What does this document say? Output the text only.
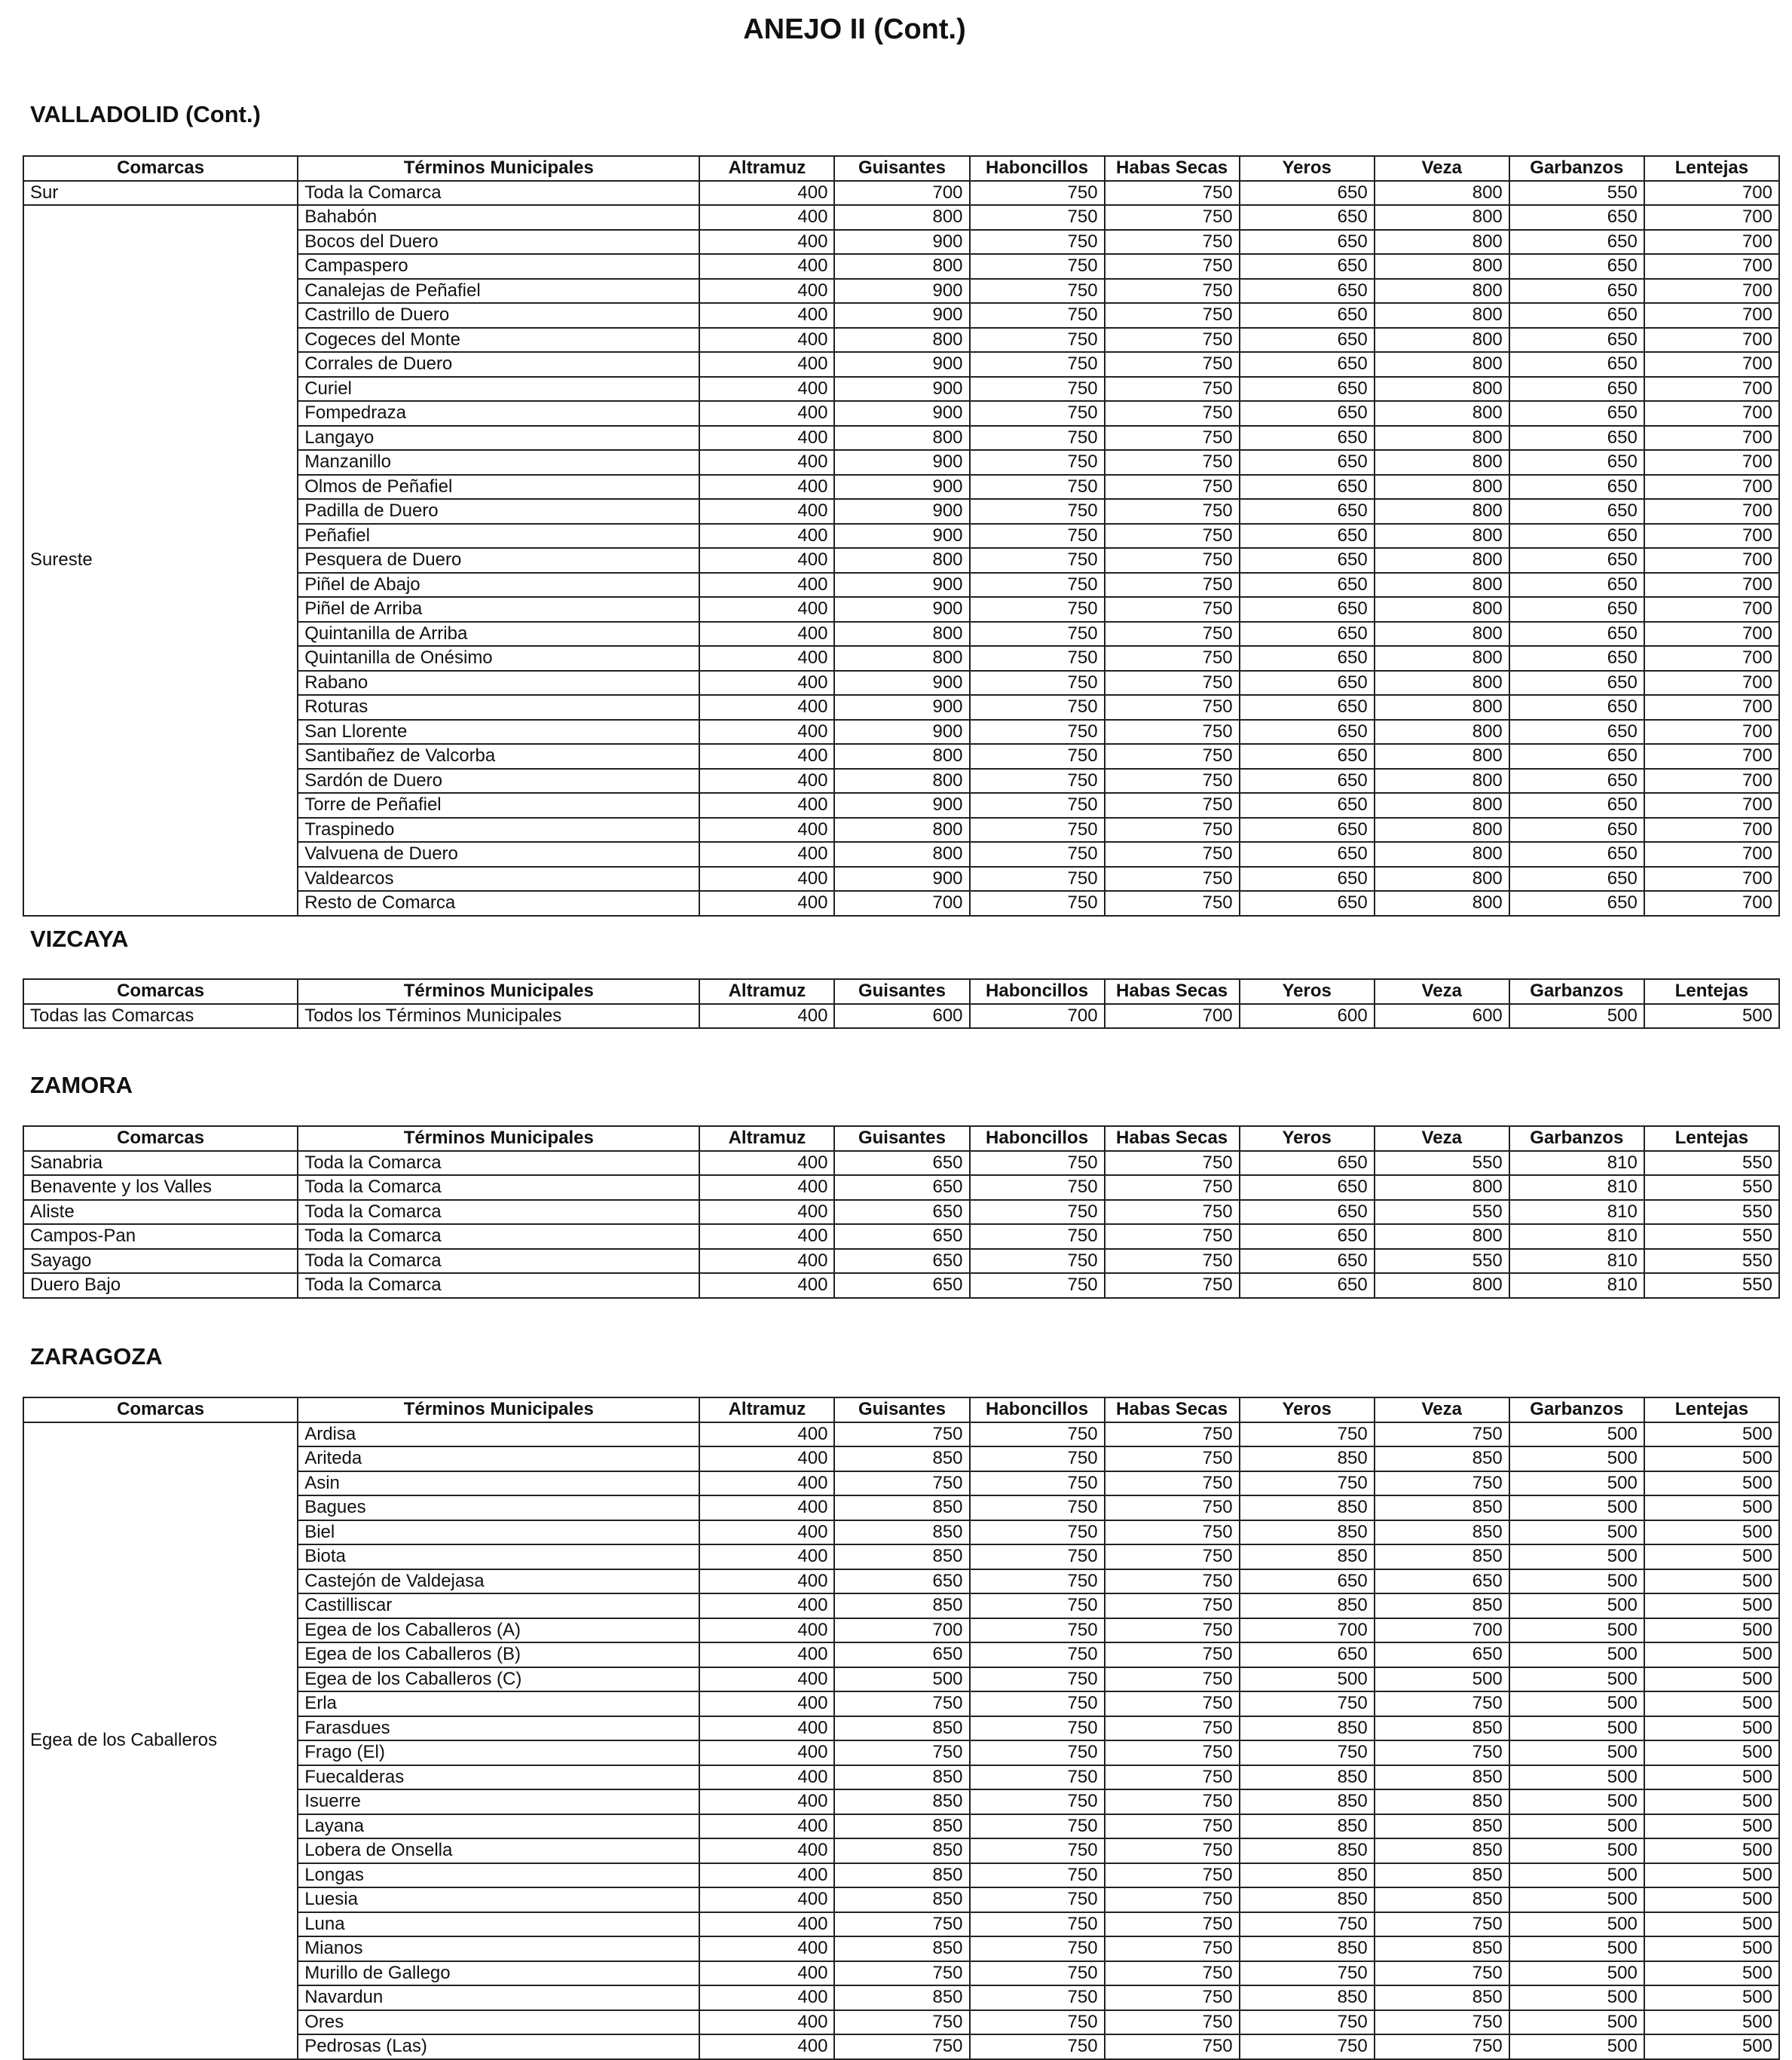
ANEJO II (Cont.)
VALLADOLID (Cont.)
Comarcas	Términos Municipales	Altramuz	Guisantes	Haboncillos	Habas Secas	Yeros	Veza	Garbanzos	Lentejas
Sur	Toda la Comarca	400	700	750	750	650	800	550	700
Sureste	Bahabón	400	800	750	750	650	800	650	700
	Bocos del Duero	400	900	750	750	650	800	650	700
	Campaspero	400	800	750	750	650	800	650	700
	Canalejas de Peñafiel	400	900	750	750	650	800	650	700
	Castrillo de Duero	400	900	750	750	650	800	650	700
	Cogeces del Monte	400	800	750	750	650	800	650	700
	Corrales de Duero	400	900	750	750	650	800	650	700
	Curiel	400	900	750	750	650	800	650	700
	Fompedraza	400	900	750	750	650	800	650	700
	Langayo	400	800	750	750	650	800	650	700
	Manzanillo	400	900	750	750	650	800	650	700
	Olmos de Peñafiel	400	900	750	750	650	800	650	700
	Padilla de Duero	400	900	750	750	650	800	650	700
	Peñafiel	400	900	750	750	650	800	650	700
	Pesquera de Duero	400	800	750	750	650	800	650	700
	Piñel de Abajo	400	900	750	750	650	800	650	700
	Piñel de Arriba	400	900	750	750	650	800	650	700
	Quintanilla de Arriba	400	800	750	750	650	800	650	700
	Quintanilla de Onésimo	400	800	750	750	650	800	650	700
	Rabano	400	900	750	750	650	800	650	700
	Roturas	400	900	750	750	650	800	650	700
	San Llorente	400	900	750	750	650	800	650	700
	Santibañez de Valcorba	400	800	750	750	650	800	650	700
	Sardón de Duero	400	800	750	750	650	800	650	700
	Torre de Peñafiel	400	900	750	750	650	800	650	700
	Traspinedo	400	800	750	750	650	800	650	700
	Valvuena de Duero	400	800	750	750	650	800	650	700
	Valdearcos	400	900	750	750	650	800	650	700
	Resto de Comarca	400	700	750	750	650	800	650	700
VIZCAYA
Comarcas	Términos Municipales	Altramuz	Guisantes	Haboncillos	Habas Secas	Yeros	Veza	Garbanzos	Lentejas
Todas las Comarcas	Todos los Términos Municipales	400	600	700	700	600	600	500	500
ZAMORA
Comarcas	Términos Municipales	Altramuz	Guisantes	Haboncillos	Habas Secas	Yeros	Veza	Garbanzos	Lentejas
Sanabria	Toda la Comarca	400	650	750	750	650	550	810	550
Benavente y los Valles	Toda la Comarca	400	650	750	750	650	800	810	550
Aliste	Toda la Comarca	400	650	750	750	650	550	810	550
Campos-Pan	Toda la Comarca	400	650	750	750	650	800	810	550
Sayago	Toda la Comarca	400	650	750	750	650	550	810	550
Duero Bajo	Toda la Comarca	400	650	750	750	650	800	810	550
ZARAGOZA
Comarcas	Términos Municipales	Altramuz	Guisantes	Haboncillos	Habas Secas	Yeros	Veza	Garbanzos	Lentejas
Egea de los Caballeros	Ardisa	400	750	750	750	750	750	500	500
	Ariteda	400	850	750	750	850	850	500	500
	Asin	400	750	750	750	750	750	500	500
	Bagues	400	850	750	750	850	850	500	500
	Biel	400	850	750	750	850	850	500	500
	Biota	400	850	750	750	850	850	500	500
	Castejón de Valdejasa	400	650	750	750	650	650	500	500
	Castilliscar	400	850	750	750	850	850	500	500
	Egea de los Caballeros (A)	400	700	750	750	700	700	500	500
	Egea de los Caballeros (B)	400	650	750	750	650	650	500	500
	Egea de los Caballeros (C)	400	500	750	750	500	500	500	500
	Erla	400	750	750	750	750	750	500	500
	Farasdues	400	850	750	750	850	850	500	500
	Frago (El)	400	750	750	750	750	750	500	500
	Fuecalderas	400	850	750	750	850	850	500	500
	Isuerre	400	850	750	750	850	850	500	500
	Layana	400	850	750	750	850	850	500	500
	Lobera de Onsella	400	850	750	750	850	850	500	500
	Longas	400	850	750	750	850	850	500	500
	Luesia	400	850	750	750	850	850	500	500
	Luna	400	750	750	750	750	750	500	500
	Mianos	400	850	750	750	850	850	500	500
	Murillo de Gallego	400	750	750	750	750	750	500	500
	Navardun	400	850	750	750	850	850	500	500
	Ores	400	750	750	750	750	750	500	500
	Pedrosas (Las)	400	750	750	750	750	750	500	500
